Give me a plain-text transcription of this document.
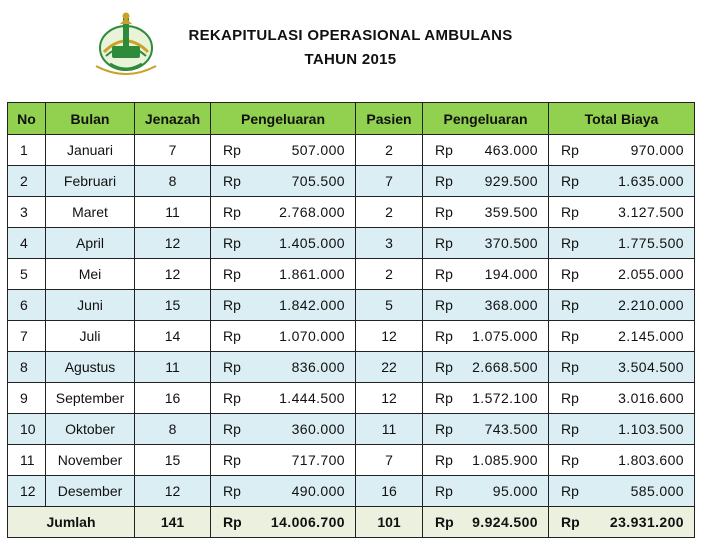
REKAPITULASI OPERASIONAL AMBULANS
TAHUN 2015
No	Bulan	Jenazah	Pengeluaran	Pasien	Pengeluaran	Total Biaya
1	Januari	7	Rp 507.000	2	Rp 463.000	Rp 970.000

2	Februari	8	Rp 705.500	7	Rp 929.500	Rp 1.635.000

3	Maret	11	Rp 2.768.000	2	Rp 359.500	Rp 3.127.500

4	April	12	Rp 1.405.000	3	Rp 370.500	Rp 1.775.500

5	Mei	12	Rp 1.861.000	2	Rp 194.000	Rp 2.055.000

6	Juni	15	Rp 1.842.000	5	Rp 368.000	Rp 2.210.000

7	Juli	14	Rp 1.070.000	12	Rp 1.075.000	Rp 2.145.000

8	Agustus	11	Rp 836.000	22	Rp 2.668.500	Rp 3.504.500

9	September	16	Rp 1.444.500	12	Rp 1.572.100	Rp 3.016.600

10	Oktober	8	Rp 360.000	11	Rp 743.500	Rp 1.103.500

11	November	15	Rp 717.700	7	Rp 1.085.900	Rp 1.803.600

12	Desember	12	Rp 490.000	16	Rp 95.000	Rp 585.000

Jumlah		141	Rp 14.006.700	101	Rp 9.924.500	Rp 23.931.200
